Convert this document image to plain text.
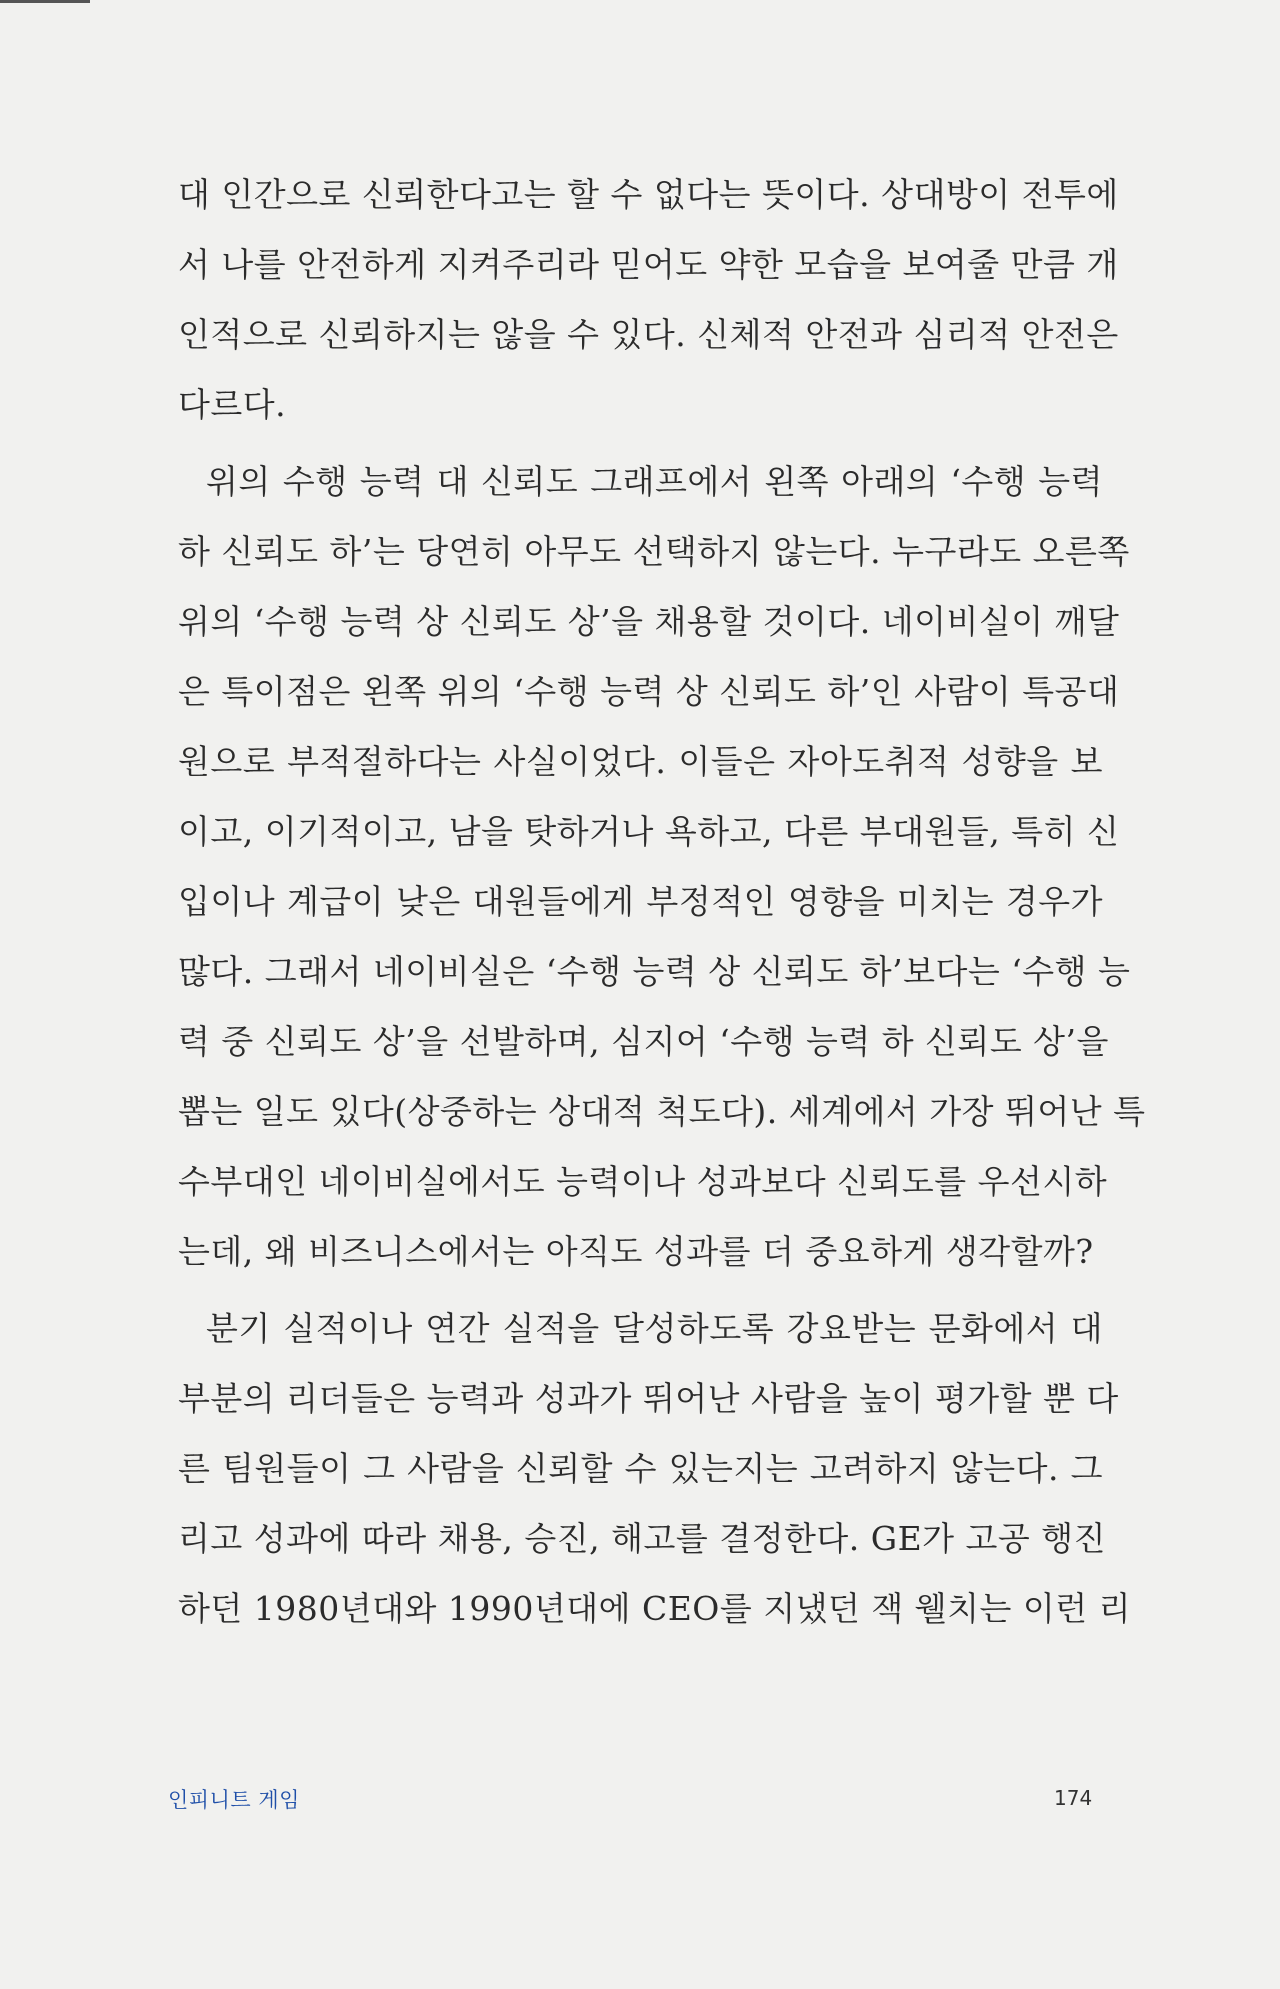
대 인간으로 신뢰한다고는 할 수 없다는 뜻이다. 상대방이 전투에
서 나를 안전하게 지켜주리라 믿어도 약한 모습을 보여줄 만큼 개
인적으로 신뢰하지는 않을 수 있다. 신체적 안전과 심리적 안전은
다르다.
위의 수행 능력 대 신뢰도 그래프에서 왼쪽 아래의 ‘수행 능력
하 신뢰도 하’는 당연히 아무도 선택하지 않는다. 누구라도 오른쪽
위의 ‘수행 능력 상 신뢰도 상’을 채용할 것이다. 네이비실이 깨달
은 특이점은 왼쪽 위의 ‘수행 능력 상 신뢰도 하’인 사람이 특공대
원으로 부적절하다는 사실이었다. 이들은 자아도취적 성향을 보
이고, 이기적이고, 남을 탓하거나 욕하고, 다른 부대원들, 특히 신
입이나 계급이 낮은 대원들에게 부정적인 영향을 미치는 경우가
많다. 그래서 네이비실은 ‘수행 능력 상 신뢰도 하’보다는 ‘수행 능
력 중 신뢰도 상’을 선발하며, 심지어 ‘수행 능력 하 신뢰도 상’을
뽑는 일도 있다(상중하는 상대적 척도다). 세계에서 가장 뛰어난 특
수부대인 네이비실에서도 능력이나 성과보다 신뢰도를 우선시하
는데, 왜 비즈니스에서는 아직도 성과를 더 중요하게 생각할까?
분기 실적이나 연간 실적을 달성하도록 강요받는 문화에서 대
부분의 리더들은 능력과 성과가 뛰어난 사람을 높이 평가할 뿐 다
른 팀원들이 그 사람을 신뢰할 수 있는지는 고려하지 않는다. 그
리고 성과에 따라 채용, 승진, 해고를 결정한다. GE가 고공 행진
하던 1980년대와 1990년대에 CEO를 지냈던 잭 웰치는 이런 리
인피니트 게임	174
